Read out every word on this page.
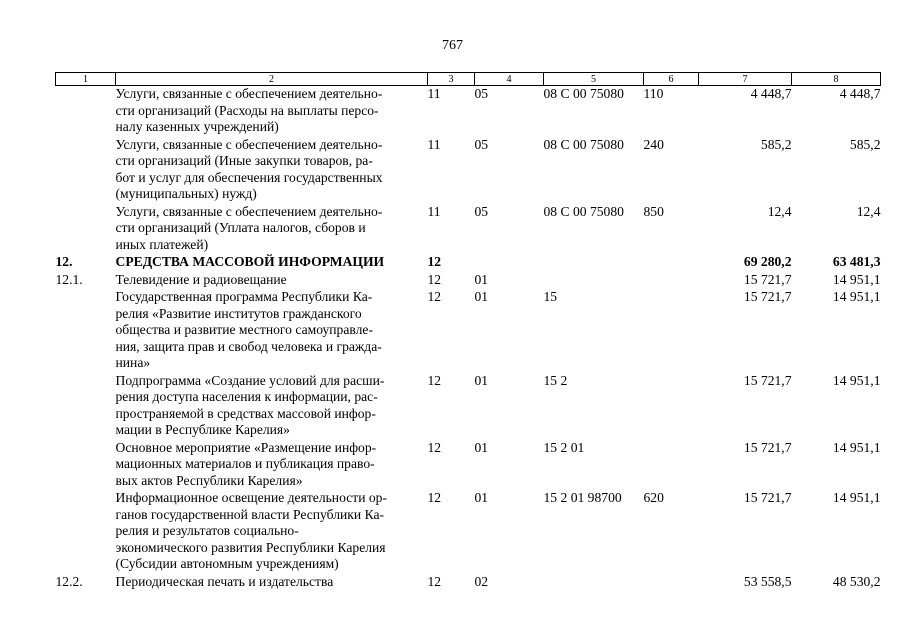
767
1	2	3	4	5	6	7	8
	Услуги, связанные с обеспечением деятельно-
сти организаций (Расходы на выплаты персо-
налу казенных учреждений)	11	05	08 С 00 75080	110	4 448,7	4 448,7
	Услуги, связанные с обеспечением деятельно-
сти организаций (Иные закупки товаров, ра-
бот и услуг для обеспечения государственных
(муниципальных) нужд)	11	05	08 С 00 75080	240	585,2	585,2
	Услуги, связанные с обеспечением деятельно-
сти организаций (Уплата налогов, сборов и
иных платежей)	11	05	08 С 00 75080	850	12,4	12,4
12.	СРЕДСТВА МАССОВОЙ ИНФОРМАЦИИ	12				69 280,2	63 481,3
12.1.	Телевидение и радиовещание	12	01			15 721,7	14 951,1
	Государственная программа Республики Ка-
релия «Развитие институтов гражданского
общества и развитие местного самоуправле-
ния, защита прав и свобод человека и гражда-
нина»	12	01	15		15 721,7	14 951,1
	Подпрограмма «Создание условий для расши-
рения доступа населения к информации, рас-
пространяемой в средствах массовой инфор-
мации в Республике Карелия»	12	01	15 2		15 721,7	14 951,1
	Основное мероприятие «Размещение инфор-
мационных материалов и публикация право-
вых актов Республики Карелия»	12	01	15 2 01		15 721,7	14 951,1
	Информационное освещение деятельности ор-
ганов государственной власти Республики Ка-
релия и результатов социально-
экономического развития Республики Карелия
(Субсидии автономным учреждениям)	12	01	15 2 01 98700	620	15 721,7	14 951,1
12.2.	Периодическая печать и издательства	12	02			53 558,5	48 530,2
